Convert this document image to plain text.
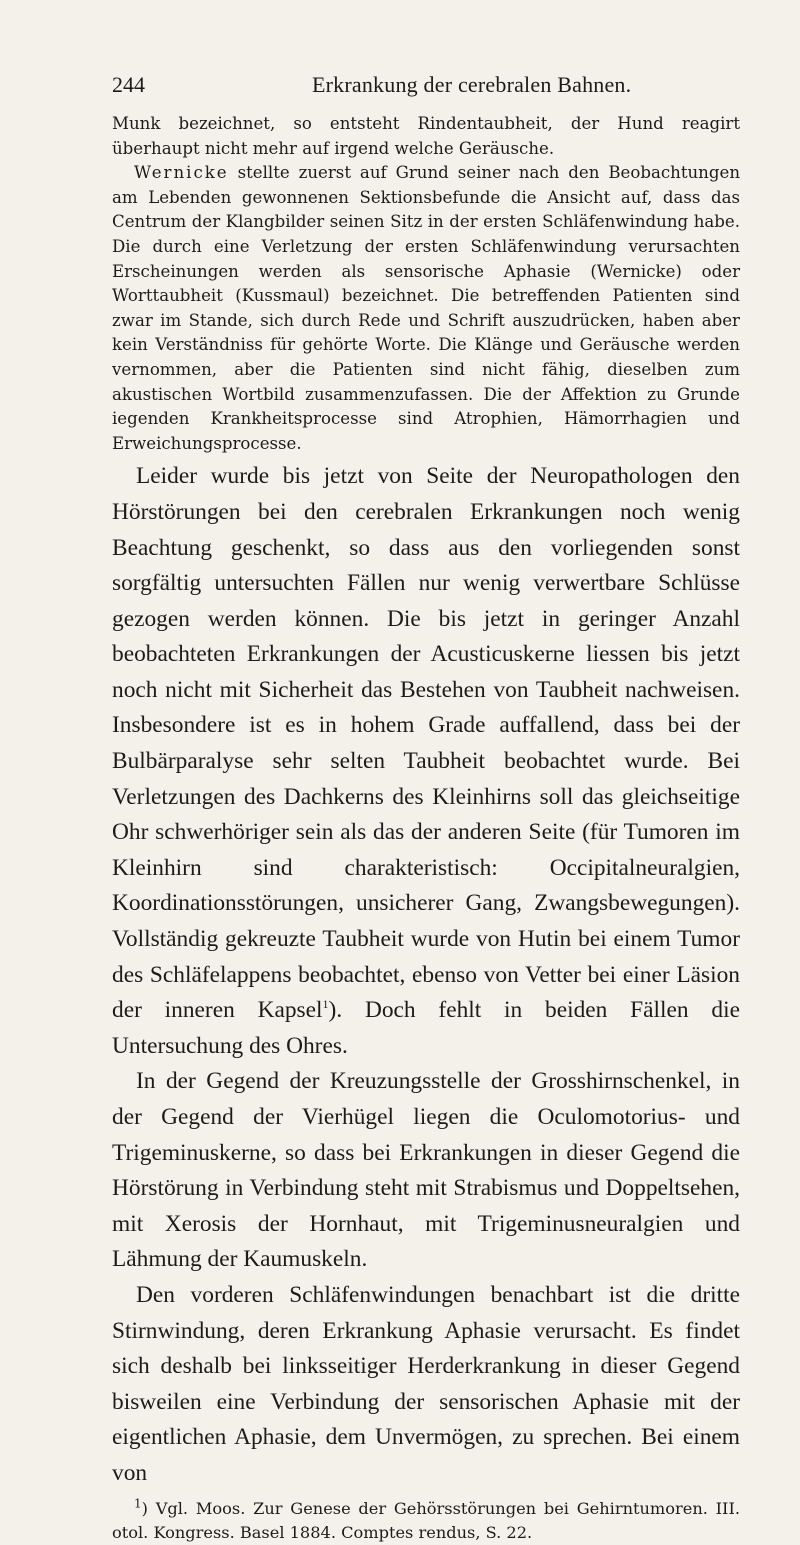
244	Erkrankung der cerebralen Bahnen.

Munk bezeichnet, so entsteht Rindentaubheit, der Hund reagirt überhaupt nicht mehr auf irgend welche Geräusche.

Wernicke stellte zuerst auf Grund seiner nach den Beobachtungen am Lebenden gewonnenen Sektionsbefunde die Ansicht auf, dass das Centrum der Klangbilder seinen Sitz in der ersten Schläfenwindung habe. Die durch eine Verletzung der ersten Schläfenwindung verursachten Erscheinungen werden als sensorische Aphasie (Wernicke) oder Worttaubheit (Kussmaul) bezeichnet. Die betreffenden Patienten sind zwar im Stande, sich durch Rede und Schrift auszudrücken, haben aber kein Verständniss für gehörte Worte. Die Klänge und Geräusche werden vernommen, aber die Patienten sind nicht fähig, dieselben zum akustischen Wortbild zusammenzufassen. Die der Affektion zu Grunde iegenden Krankheitsprocesse sind Atrophien, Hämorrhagien und Erweichungsprocesse.

Leider wurde bis jetzt von Seite der Neuropathologen den Hörstörungen bei den cerebralen Erkrankungen noch wenig Beachtung geschenkt, so dass aus den vorliegenden sonst sorgfältig untersuchten Fällen nur wenig verwertbare Schlüsse gezogen werden können. Die bis jetzt in geringer Anzahl beobachteten Erkrankungen der Acusticuskerne liessen bis jetzt noch nicht mit Sicherheit das Bestehen von Taubheit nachweisen. Insbesondere ist es in hohem Grade auffallend, dass bei der Bulbärparalyse sehr selten Taubheit beobachtet wurde. Bei Verletzungen des Dachkerns des Kleinhirns soll das gleichseitige Ohr schwerhöriger sein als das der anderen Seite (für Tumoren im Kleinhirn sind charakteristisch: Occipitalneuralgien, Koordinationsstörungen, unsicherer Gang, Zwangsbewegungen). Vollständig gekreuzte Taubheit wurde von Hutin bei einem Tumor des Schläfelappens beobachtet, ebenso von Vetter bei einer Läsion der inneren Kapsel$^1$). Doch fehlt in beiden Fällen die Untersuchung des Ohres.

In der Gegend der Kreuzungsstelle der Grosshirnschenkel, in der Gegend der Vierhügel liegen die Oculomotorius- und Trigeminuskerne, so dass bei Erkrankungen in dieser Gegend die Hörstörung in Verbindung steht mit Strabismus und Doppeltsehen, mit Xerosis der Hornhaut, mit Trigeminusneuralgien und Lähmung der Kaumuskeln.

Den vorderen Schläfenwindungen benachbart ist die dritte Stirnwindung, deren Erkrankung Aphasie verursacht. Es findet sich deshalb bei linksseitiger Herderkrankung in dieser Gegend bisweilen eine Verbindung der sensorischen Aphasie mit der eigentlichen Aphasie, dem Unvermögen, zu sprechen. Bei einem von

$^1$) Vgl. Moos. Zur Genese der Gehörsstörungen bei Gehirntumoren. III. otol. Kongress. Basel 1884. Comptes rendus, S. 22.
